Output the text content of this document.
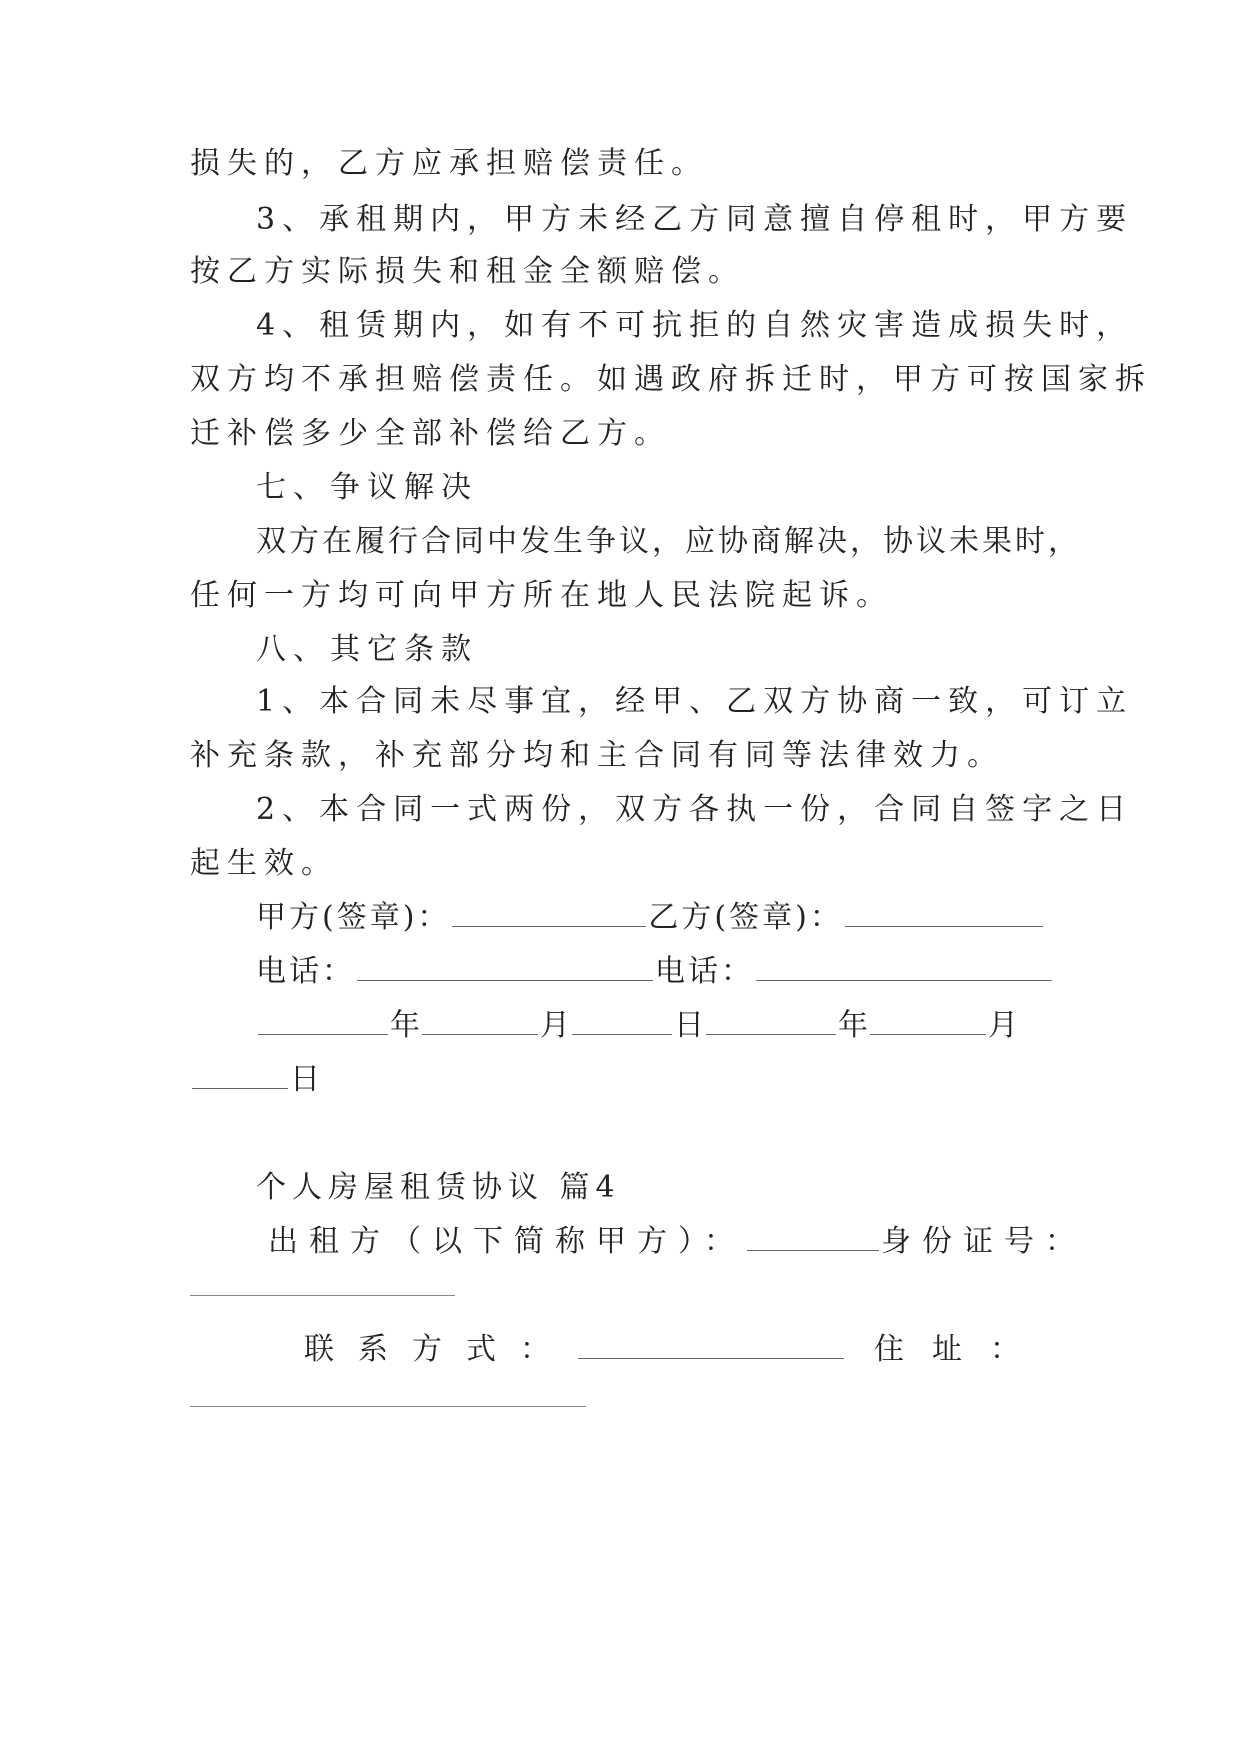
损失的，乙方应承担赔偿责任。
3、承租期内，甲方未经乙方同意擅自停租时，甲方要
按乙方实际损失和租金全额赔偿。
4、租赁期内，如有不可抗拒的自然灾害造成损失时，
双方均不承担赔偿责任。如遇政府拆迁时，甲方可按国家拆
迁补偿多少全部补偿给乙方。
七、争议解决
双方在履行合同中发生争议，应协商解决，协议未果时，
任何一方均可向甲方所在地人民法院起诉。
八、其它条款
1、本合同未尽事宜，经甲、乙双方协商一致，可订立
补充条款，补充部分均和主合同有同等法律效力。
2、本合同一式两份，双方各执一份，合同自签字之日
起生效。
甲方(签章)：	乙方(签章)：
电话：	电话：
年	月	日	年	月
日
个人房屋租赁协议 篇4
出租方（以下简称甲方）：	身份证号：
联系方式：	住址：
